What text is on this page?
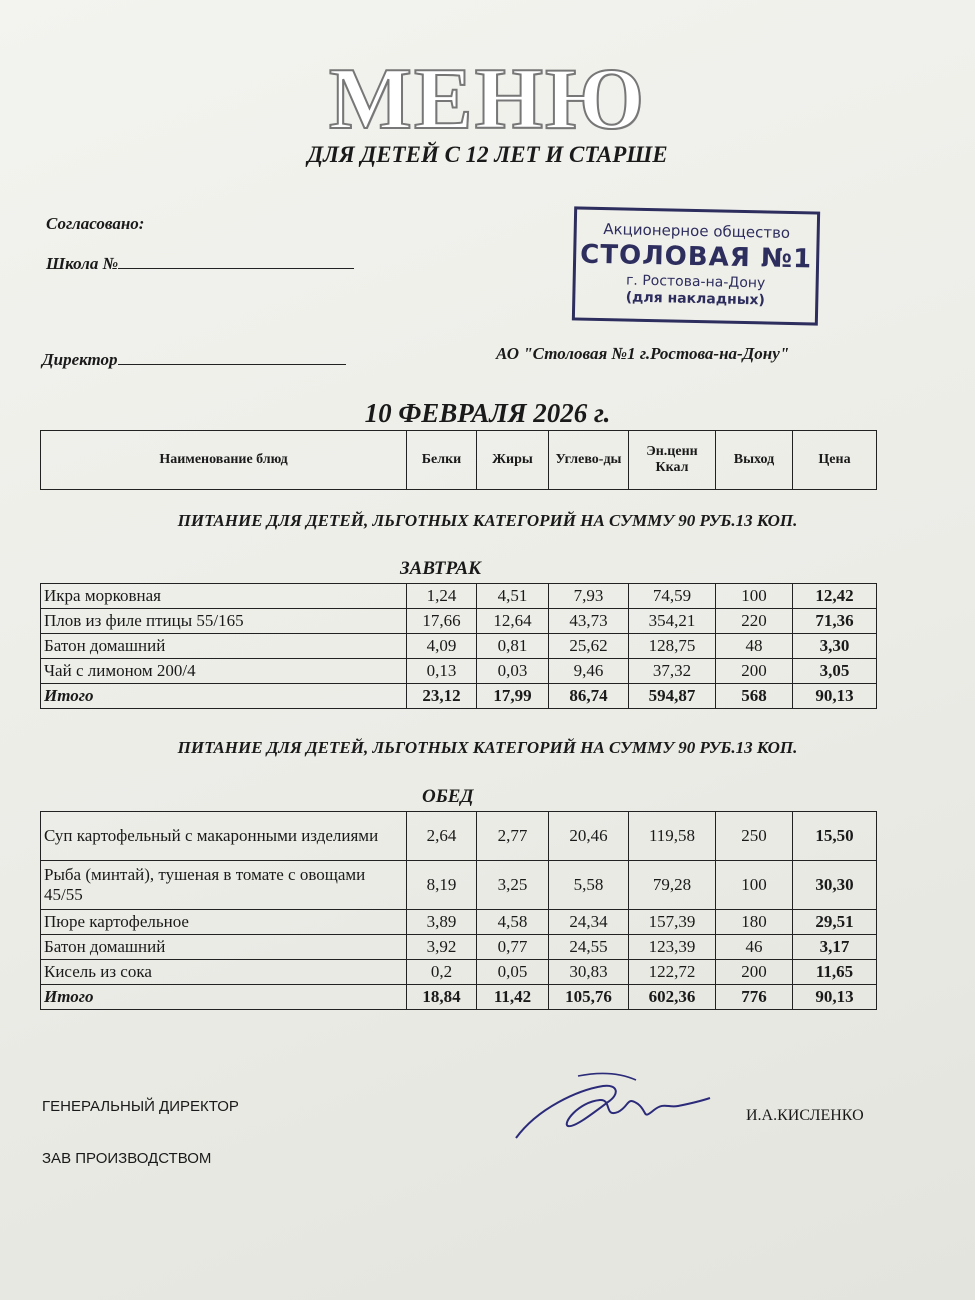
МЕНЮ
ДЛЯ ДЕТЕЙ С 12 ЛЕТ И СТАРШЕ
Согласовано:
Школа №
Директор
Акционерное общество
СТОЛОВАЯ №1
г. Ростова-на-Дону
(для накладных)
АО "Столовая №1 г.Ростова-на-Дону"
10 ФЕВРАЛЯ 2026 г.
Наименование блюд	Белки	Жиры	Углево-ды	Эн.ценн Ккал	Выход	Цена
ПИТАНИЕ ДЛЯ ДЕТЕЙ, ЛЬГОТНЫХ КАТЕГОРИЙ НА СУММУ 90 РУБ.13 КОП.
ЗАВТРАК
Икра морковная	1,24	4,51	7,93	74,59	100	12,42
Плов из филе птицы 55/165	17,66	12,64	43,73	354,21	220	71,36
Батон домашний	4,09	0,81	25,62	128,75	48	3,30
Чай с лимоном 200/4	0,13	0,03	9,46	37,32	200	3,05
Итого	23,12	17,99	86,74	594,87	568	90,13
ПИТАНИЕ ДЛЯ ДЕТЕЙ, ЛЬГОТНЫХ КАТЕГОРИЙ НА СУММУ 90 РУБ.13 КОП.
ОБЕД
Суп картофельный с макаронными изделиями	2,64	2,77	20,46	119,58	250	15,50
Рыба (минтай), тушеная в томате с овощами 45/55	8,19	3,25	5,58	79,28	100	30,30
Пюре картофельное	3,89	4,58	24,34	157,39	180	29,51
Батон домашний	3,92	0,77	24,55	123,39	46	3,17
Кисель из сока	0,2	0,05	30,83	122,72	200	11,65
Итого	18,84	11,42	105,76	602,36	776	90,13
ГЕНЕРАЛЬНЫЙ ДИРЕКТОР
ЗАВ ПРОИЗВОДСТВОМ
И.А.КИСЛЕНКО
